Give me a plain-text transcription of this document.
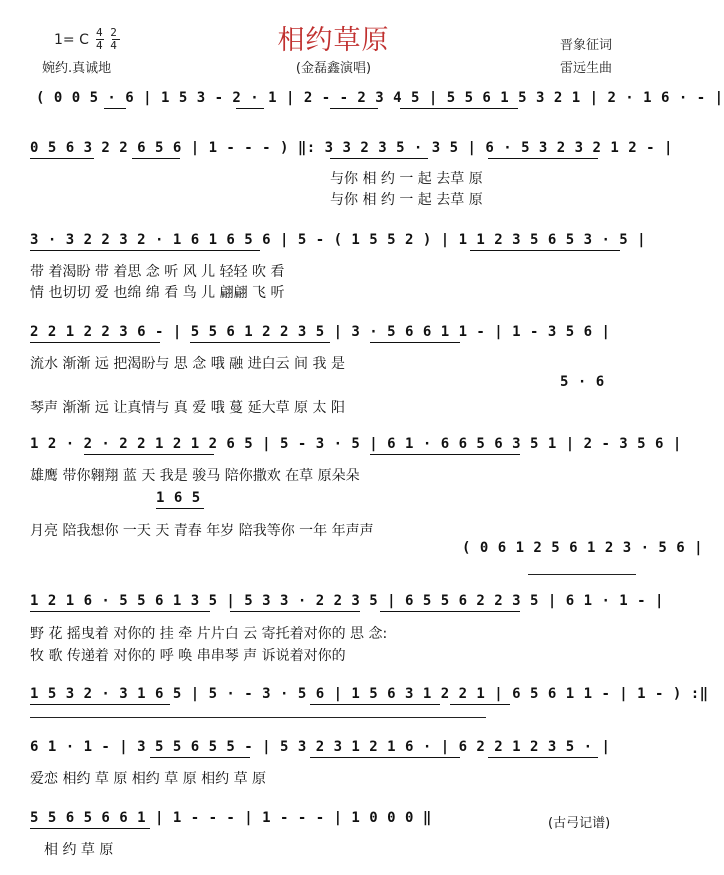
相约草原
(金磊鑫演唱)
1= C 4 2
4 4
婉约.真诚地
晋象征词
雷远生曲
( 0 0 5 · 6 | 1 5 3 - 2 · 1 | 2 - - 2 3 4 5 | 5 5 6 1 5 3 2 1 | 2 · 1 6 · - |
0 5 6 3 2 2 6 5 6 | 1 - - - ) ‖: 3 3 2 3 5 · 3 5 | 6 · 5 3 2 3 2 1 2 - |
与你 相 约 一 起 去草 原
与你 相 约 一 起 去草 原
3 · 3 2 2 3 2 · 1 6 1 6 5 6 | 5 - ( 1 5 5 2 ) | 1 1 2 3 5 6 5 3 · 5 |
带 着渴盼 带 着思 念 听 风 儿 轻轻 吹 看
情 也切切 爱 也绵 绵 看 鸟 儿 翩翩 飞 听
2 2 1 2 2 3 6 - | 5 5 6 1 2 2 3 5 | 3 · 5 6 6 1 1 - | 1 - 3 5 6 |
流水 渐渐 远 把渴盼与 思 念 哦 融 进白云 间 我 是
5 · 6
琴声 渐渐 远 让真情与 真 爱 哦 蔓 延大草 原 太 阳
1 2 · 2 · 2 2 1 2 1 2 6 5 | 5 - 3 · 5 | 6 1 · 6 6 5 6 3 5 1 | 2 - 3 5 6 |
雄鹰 带你翱翔 蓝 天 我是 骏马 陪你撒欢 在草 原朵朵
1 6 5
月亮 陪我想你 一天 天 青春 年岁 陪我等你 一年 年声声
( 0 6 1 2 5 6 1 2 3 · 5 6 |
1 2 1 6 · 5 5 6 1 3 5 | 5 3 3 · 2 2 3 5 | 6 5 5 6 2 2 3 5 | 6 1 · 1 - |
野 花 摇曳着 对你的 挂 牵 片片白 云 寄托着对你的 思 念:
牧 歌 传递着 对你的 呼 唤 串串琴 声 诉说着对你的
1 5 3 2 · 3 1 6 5 | 5 · - 3 · 5 6 | 1 5 6 3 1 2 2 1 | 6 5 6 1 1 - | 1 - ) :‖
6 1 · 1 - | 3 5 5 6 5 5 - | 5 3 2 3 1 2 1 6 · | 6 2 2 1 2 3 5 · |
爱恋 相约 草 原 相约 草 原 相约 草 原
5 5 6 5 6 6 1 | 1 - - - | 1 - - - | 1 0 0 0 ‖
相 约 草 原
(古弓记谱)
